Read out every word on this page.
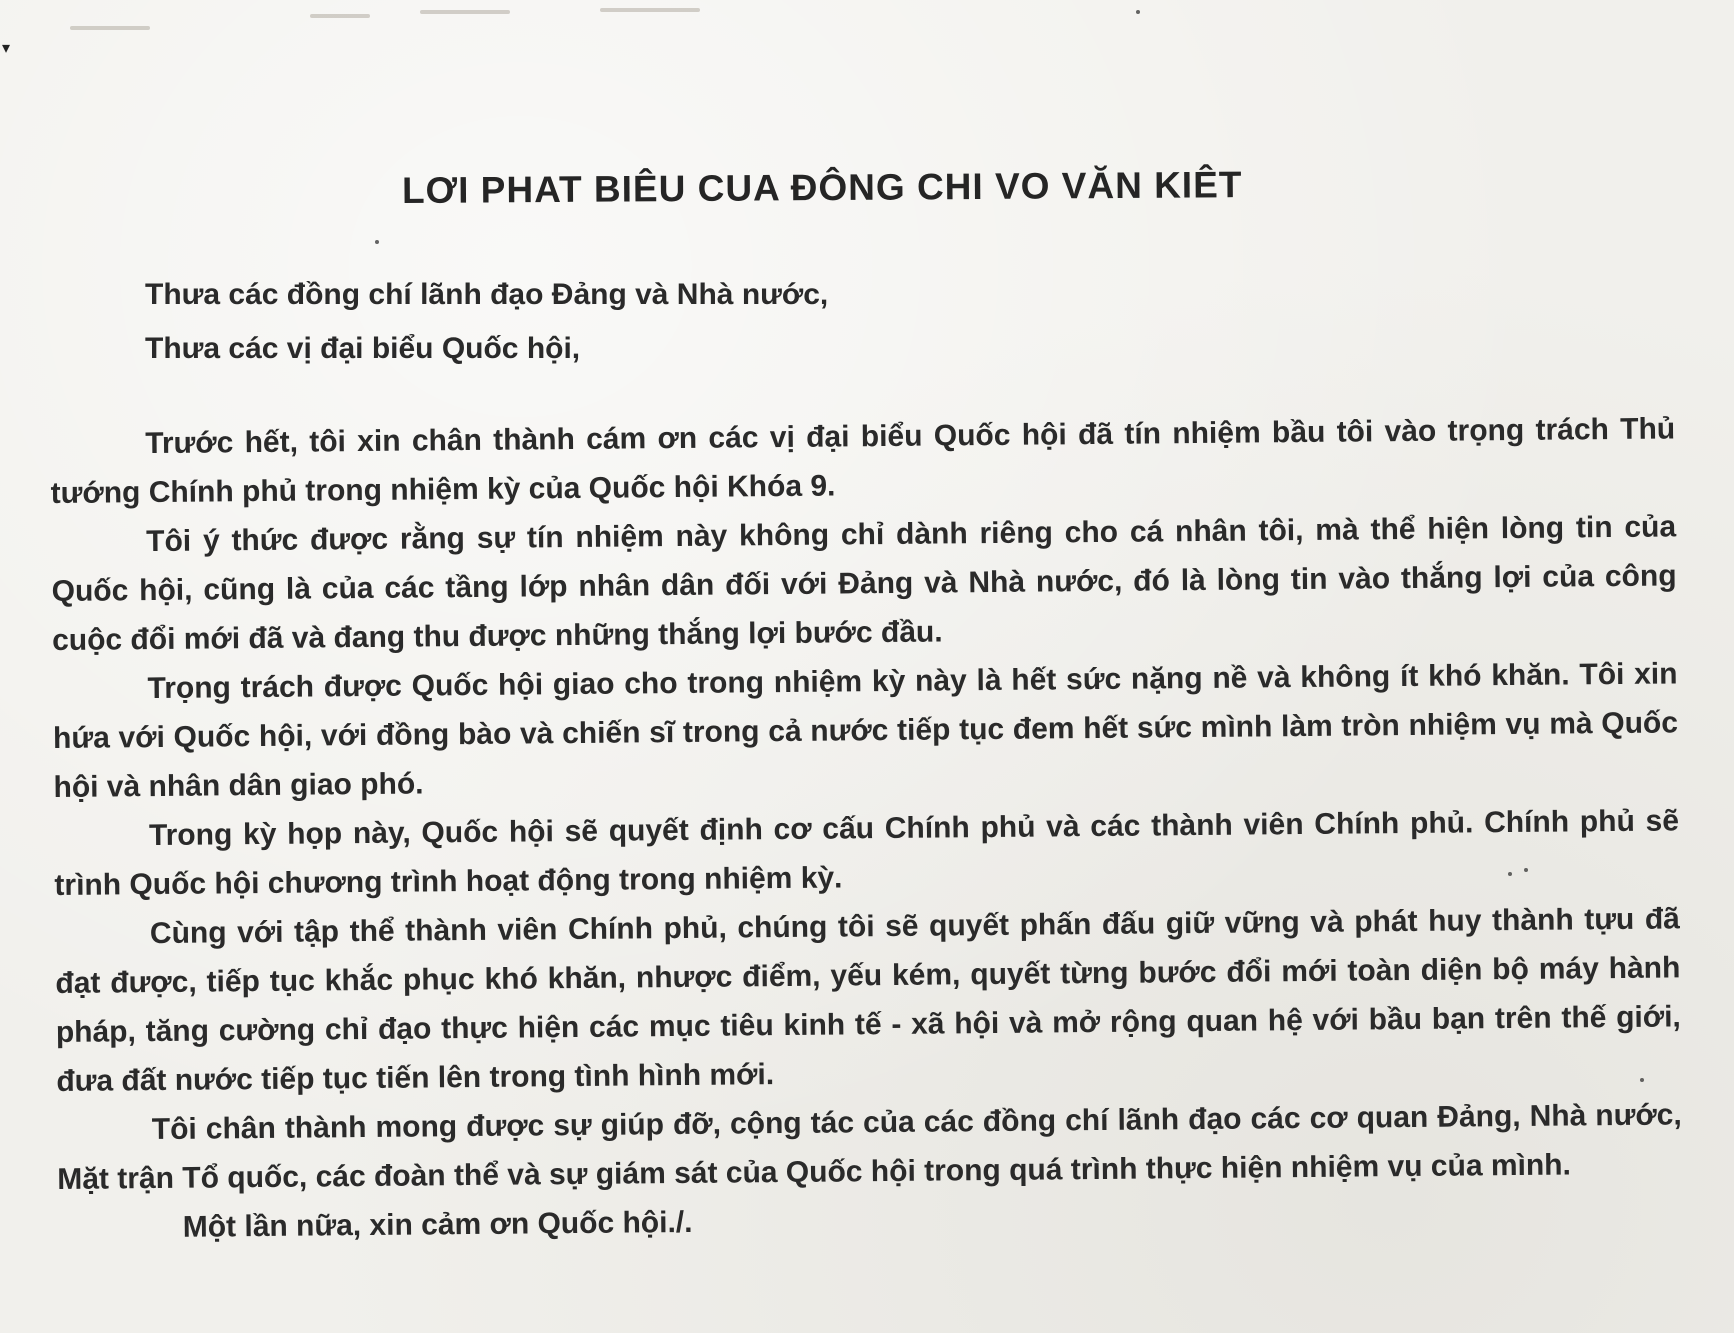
▾
LƠI PHAT BIÊU CUA ĐÔNG CHI VO VĂN KIÊT
Thưa các đồng chí lãnh đạo Đảng và Nhà nước,
Thưa các vị đại biểu Quốc hội,

Trước hết, tôi xin chân thành cám ơn các vị đại biểu Quốc hội đã tín nhiệm bầu tôi vào trọng trách Thủ tướng Chính phủ trong nhiệm kỳ của Quốc hội Khóa 9.

Tôi ý thức được rằng sự tín nhiệm này không chỉ dành riêng cho cá nhân tôi, mà thể hiện lòng tin của Quốc hội, cũng là của các tầng lớp nhân dân đối với Đảng và Nhà nước, đó là lòng tin vào thắng lợi của công cuộc đổi mới đã và đang thu được những thắng lợi bước đầu.

Trọng trách được Quốc hội giao cho trong nhiệm kỳ này là hết sức nặng nề và không ít khó khăn. Tôi xin hứa với Quốc hội, với đồng bào và chiến sĩ trong cả nước tiếp tục đem hết sức mình làm tròn nhiệm vụ mà Quốc hội và nhân dân giao phó.

Trong kỳ họp này, Quốc hội sẽ quyết định cơ cấu Chính phủ và các thành viên Chính phủ. Chính phủ sẽ trình Quốc hội chương trình hoạt động trong nhiệm kỳ.

Cùng với tập thể thành viên Chính phủ, chúng tôi sẽ quyết phấn đấu giữ vững và phát huy thành tựu đã đạt được, tiếp tục khắc phục khó khăn, nhược điểm, yếu kém, quyết từng bước đổi mới toàn diện bộ máy hành pháp, tăng cường chỉ đạo thực hiện các mục tiêu kinh tế - xã hội và mở rộng quan hệ với bầu bạn trên thế giới, đưa đất nước tiếp tục tiến lên trong tình hình mới.

Tôi chân thành mong được sự giúp đỡ, cộng tác của các đồng chí lãnh đạo các cơ quan Đảng, Nhà nước, Mặt trận Tổ quốc, các đoàn thể và sự giám sát của Quốc hội trong quá trình thực hiện nhiệm vụ của mình.

Một lần nữa, xin cảm ơn Quốc hội./.
